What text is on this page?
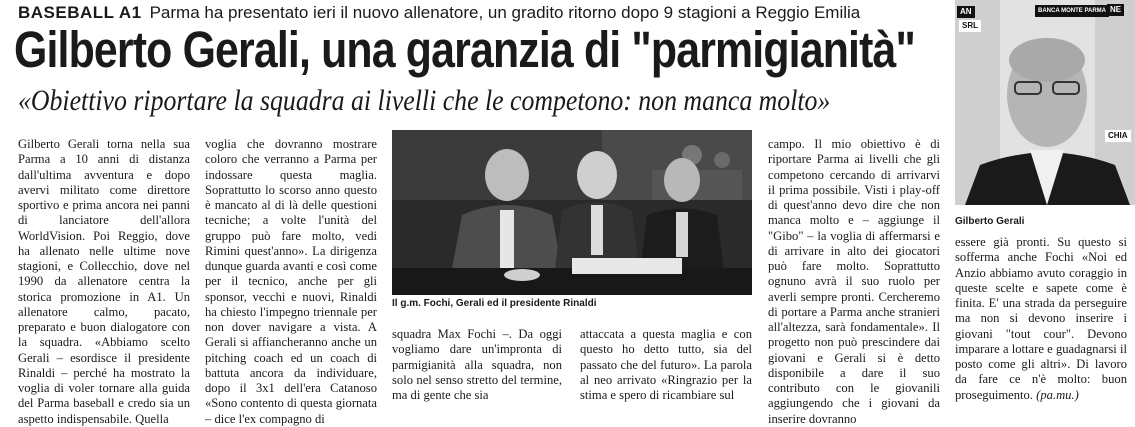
BASEBALL A1 Parma ha presentato ieri il nuovo allenatore, un gradito ritorno dopo 9 stagioni a Reggio Emilia
Gilberto Gerali, una garanzia di "parmigianità"
«Obiettivo riportare la squadra ai livelli che le competono: non manca molto»

Gilberto Gerali torna nella sua Parma a 10 anni di distanza dall'ultima avventura e dopo avervi militato come direttore sportivo e prima ancora nei panni di lanciatore dell'allora WorldVision. Poi Reggio, dove ha allenato nelle ultime nove stagioni, e Collecchio, dove nel 1990 da allenatore centra la storica promozione in A1. Un allenatore calmo, pacato, preparato e buon dialogatore con la squadra. «Abbiamo scelto Gerali – esordisce il presidente Rinaldi – perché ha mostrato la voglia di voler tornare alla guida del Parma baseball e credo sia un aspetto indispensabile. Quella

voglia che dovranno mostrare coloro che verranno a Parma per indossare questa maglia. Soprattutto lo scorso anno questo è mancato al di là delle questioni tecniche; a volte l'unità del gruppo può fare molto, vedi Rimini quest'anno». La dirigenza dunque guarda avanti e così come per il tecnico, anche per gli sponsor, vecchi e nuovi, Rinaldi ha chiesto l'impegno triennale per non dover navigare a vista. A Gerali si affiancheranno anche un pitching coach ed un coach di battuta ancora da individuare, dopo il 3x1 dell'era Catanoso «Sono contento di questa giornata – dice l'ex compagno di

Il g.m. Fochi, Gerali ed il presidente Rinaldi

squadra Max Fochi –. Da oggi vogliamo dare un'impronta di parmigianità alla squadra, non solo nel senso stretto del termine, ma di gente che sia

attaccata a questa maglia e con questo ho detto tutto, sia del passato che del futuro». La parola al neo arrivato «Ringrazio per la stima e spero di ricambiare sul

campo. Il mio obiettivo è di riportare Parma ai livelli che gli competono cercando di arrivarvi il prima possibile. Visti i play-off di quest'anno devo dire che non manca molto e – aggiunge il "Gibo" – la voglia di affermarsi e di arrivare in alto dei giocatori può fare molto. Soprattutto ognuno avrà il suo ruolo per averli sempre pronti. Cercheremo di portare a Parma anche stranieri all'altezza, sarà fondamentale». Il progetto non può prescindere dai giovani e Gerali si è detto disponibile a dare il suo contributo con le giovanili aggiungendo che i giovani da inserire dovranno

AN
SRL
BANCA MONTE PARMA NE
CHIA
Gilberto Gerali

essere già pronti. Su questo si sofferma anche Fochi «Noi ed Anzio abbiamo avuto coraggio in queste scelte e sapete come è finita. E' una strada da perseguire ma non si devono inserire i giovani "tout cour". Devono imparare a lottare e guadagnarsi il posto come gli altri». Di lavoro da fare ce n'è molto: buon proseguimento. (pa.mu.)
